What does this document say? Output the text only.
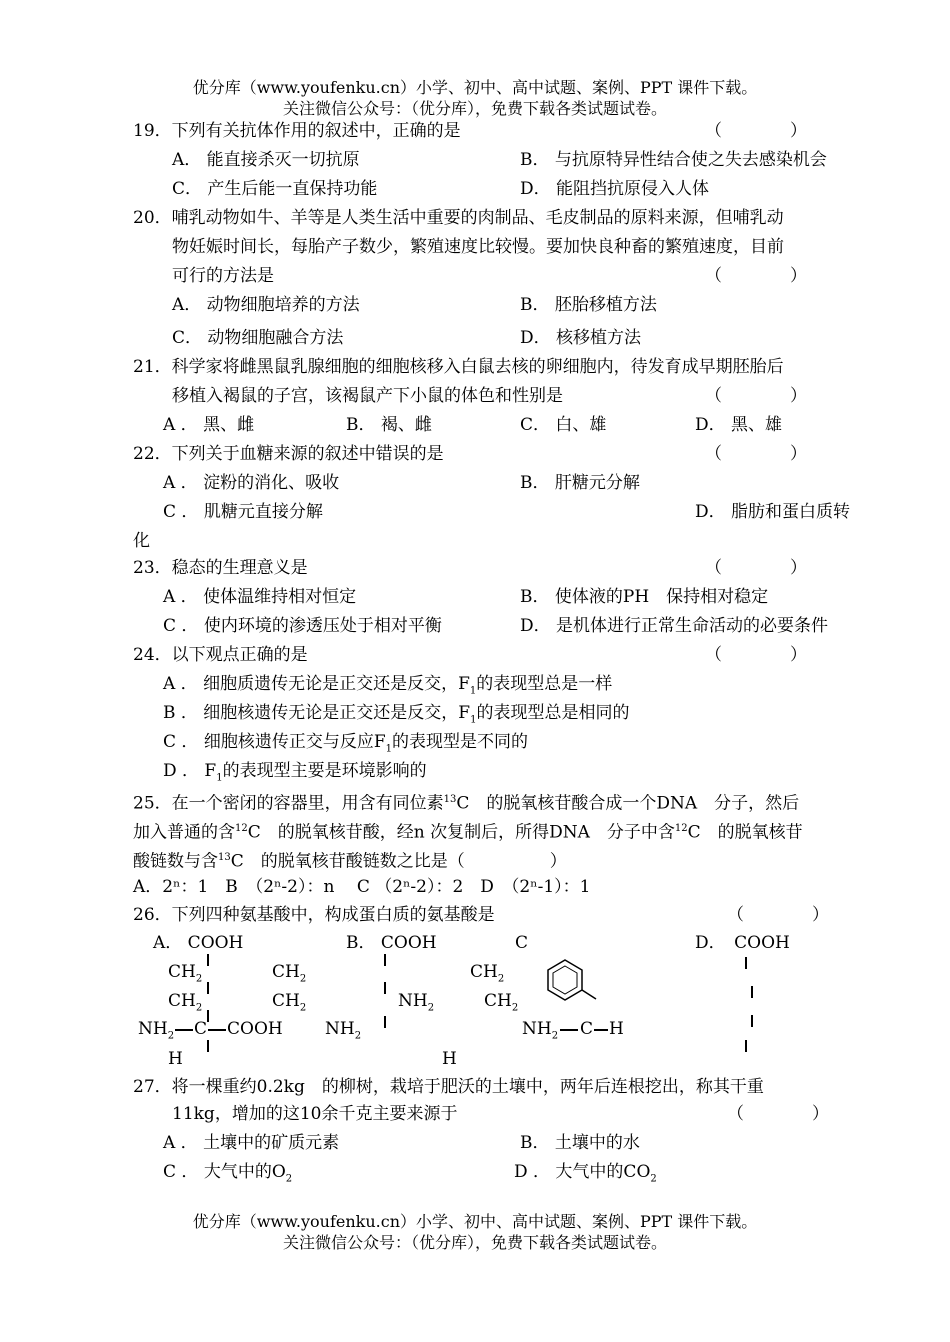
优分库（www.youfenku.cn）小学、初中、高中试题、案例、PPT 课件下载。
关注微信公众号：（优分库），免费下载各类试题试卷。
19．下列有关抗体作用的叙述中，正确的是	（　　　　）
A． 能直接杀灭一切抗原	B． 与抗原特异性结合使之失去感染机会
C． 产生后能一直保持功能	D． 能阻挡抗原侵入人体
20．哺乳动物如牛、羊等是人类生活中重要的肉制品、毛皮制品的原料来源，但哺乳动
物妊娠时间长，每胎产子数少，繁殖速度比较慢。要加快良种畜的繁殖速度，目前
可行的方法是	（　　　　）
A． 动物细胞培养的方法	B． 胚胎移植方法
C． 动物细胞融合方法	D． 核移植方法
21．科学家将雌黑鼠乳腺细胞的细胞核移入白鼠去核的卵细胞内，待发育成早期胚胎后
移植入褐鼠的子宫，该褐鼠产下小鼠的体色和性别是	（　　　　）
A ． 黑、雌	B． 褐、雌	C． 白、雄	D． 黑、雄
22．下列关于血糖来源的叙述中错误的是	（　　　　）
A ． 淀粉的消化、吸收	B． 肝糖元分解
C ． 肌糖元直接分解	D． 脂肪和蛋白质转
化
23．稳态的生理意义是	（　　　　）
A ． 使体温维持相对恒定	B． 使体液的PH　保持相对稳定
C ． 使内环境的渗透压处于相对平衡	D． 是机体进行正常生命活动的必要条件
24．以下观点正确的是	（　　　　）
A ． 细胞质遗传无论是正交还是反交，$F_1$的表现型总是一样
B ． 细胞核遗传无论是正交还是反交，$F_1$的表现型总是相同的
C ． 细胞核遗传正交与反应$F_1$的表现型是不同的
D ． $F_1$的表现型主要是环境影响的
25．在一个密闭的容器里，用含有同位素$^{13}$C　的脱氧核苷酸合成一个DNA　分子，然后
加入普通的含$^{12}$C　的脱氧核苷酸，经n 次复制后，所得DNA　分子中含$^{12}$C　的脱氧核苷
酸链数与含$^{13}$C　的脱氧核苷酸链数之比是（　　　　　）
A．2ⁿ：1　B　（2ⁿ-2）：n　 C （2ⁿ-2）：2　D　（2ⁿ-1）：1
26．下列四种氨基酸中，构成蛋白质的氨基酸是	（　　　　）
A． COOH	B． COOH	C	D．　COOH
$CH_2$
$CH_2$
$NH_2$ C COOH
H
$CH_2$
$CH_2$	$NH_2$
$NH_2$
$CH_2$
$CH_2$
H
$NH_2$ C H
27．将一棵重约0.2kg　的柳树，栽培于肥沃的土壤中，两年后连根挖出，称其干重
11kg，增加的这10余千克主要来源于	（　　　　）
A ． 土壤中的矿质元素	B． 土壤中的水
C ． 大气中的$O_2$	D ． 大气中的$CO_2$
优分库（www.youfenku.cn）小学、初中、高中试题、案例、PPT 课件下载。
关注微信公众号：（优分库），免费下载各类试题试卷。
